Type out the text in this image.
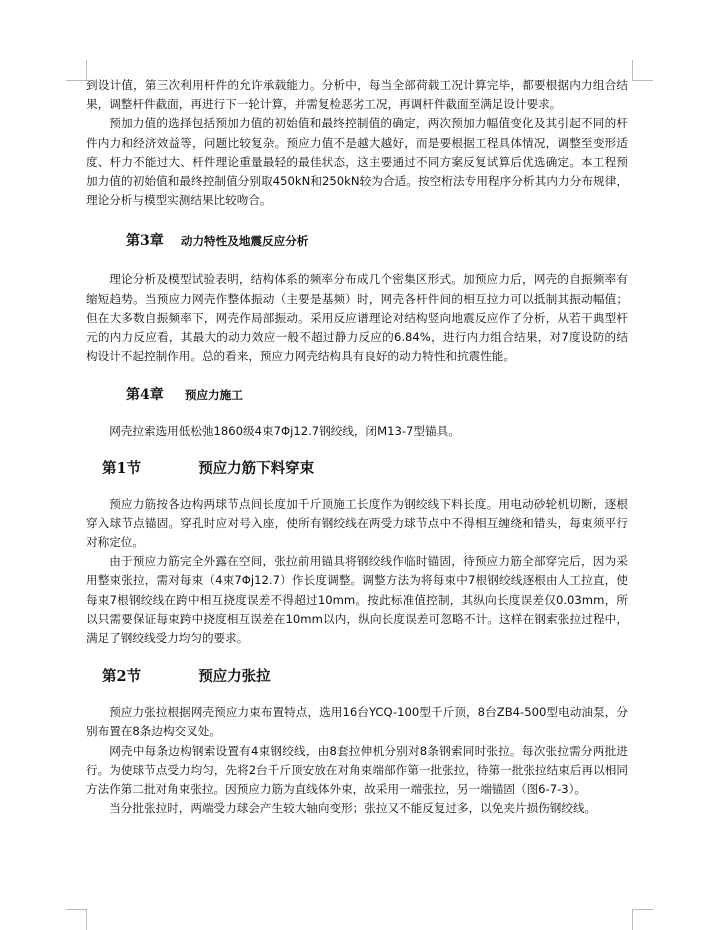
到设计值，第三次利用杆件的允许承载能力。分析中，每当全部荷载工况计算完毕，都要根据内力组合结果，调整杆件截面，再进行下一轮计算，并需复检恶劣工况，再调杆件截面至满足设计要求。

预加力值的选择包括预加力值的初始值和最终控制值的确定，两次预加力幅值变化及其引起不同的杆件内力和经济效益等，问题比较复杂。预应力值不是越大越好，而是要根据工程具体情况，调整至变形适度、杆力不能过大、杆件理论重量最轻的最佳状态，这主要通过不同方案反复试算后优选确定。本工程预加力值的初始值和最终控制值分别取450kN和250kN较为合适。按空桁法专用程序分析其内力分布规律，理论分析与模型实测结果比较吻合。

第3章 动力特性及地震反应分析

理论分析及模型试验表明，结构体系的频率分布成几个密集区形式。加预应力后，网壳的自振频率有缩短趋势。当预应力网壳作整体振动（主要是基频）时，网壳各杆件间的相互拉力可以抵制其振动幅值；但在大多数自振频率下，网壳作局部振动。采用反应谱理论对结构竖向地震反应作了分析，从若干典型杆元的内力反应看，其最大的动力效应一般不超过静力反应的6.84%，进行内力组合结果，对7度设防的结构设计不起控制作用。总的看来，预应力网壳结构具有良好的动力特性和抗震性能。

第4章 预应力施工

网壳拉索选用低松弛1860级4束7Φj12.7钢绞线，闭M13-7型锚具。

第1节	预应力筋下料穿束

预应力筋按各边构两球节点间长度加千斤顶施工长度作为钢绞线下料长度。用电动砂轮机切断，逐根穿入球节点锚固。穿孔时应对号入座，使所有钢绞线在两受力球节点中不得相互缠绕和错头，每束须平行对称定位。

由于预应力筋完全外露在空间，张拉前用锚具将钢绞线作临时锚固，待预应力筋全部穿完后，因为采用整束张拉，需对每束（4束7Φj12.7）作长度调整。调整方法为将每束中7根钢绞线逐根由人工拉直，使每束7根钢绞线在跨中相互挠度误差不得超过10mm。按此标准值控制，其纵向长度误差仅0.03mm，所以只需要保证每束跨中挠度相互误差在10mm以内，纵向长度误差可忽略不计。这样在钢索张拉过程中，满足了钢绞线受力均匀的要求。

第2节	预应力张拉

预应力张拉根据网壳预应力束布置特点，选用16台YCQ-100型千斤顶，8台ZB4-500型电动油泵，分别布置在8条边构交叉处。

网壳中每条边构钢索设置有4束钢绞线，由8套拉伸机分别对8条钢索同时张拉。每次张拉需分两批进行。为使球节点受力均匀，先将2台千斤顶安放在对角束端部作第一批张拉，待第一批张拉结束后再以相同方法作第二批对角束张拉。因预应力筋为直线体外束，故采用一端张拉，另一端锚固（图6-7-3）。

当分批张拉时，两端受力球会产生较大轴向变形；张拉又不能反复过多，以免夹片损伤钢绞线。
